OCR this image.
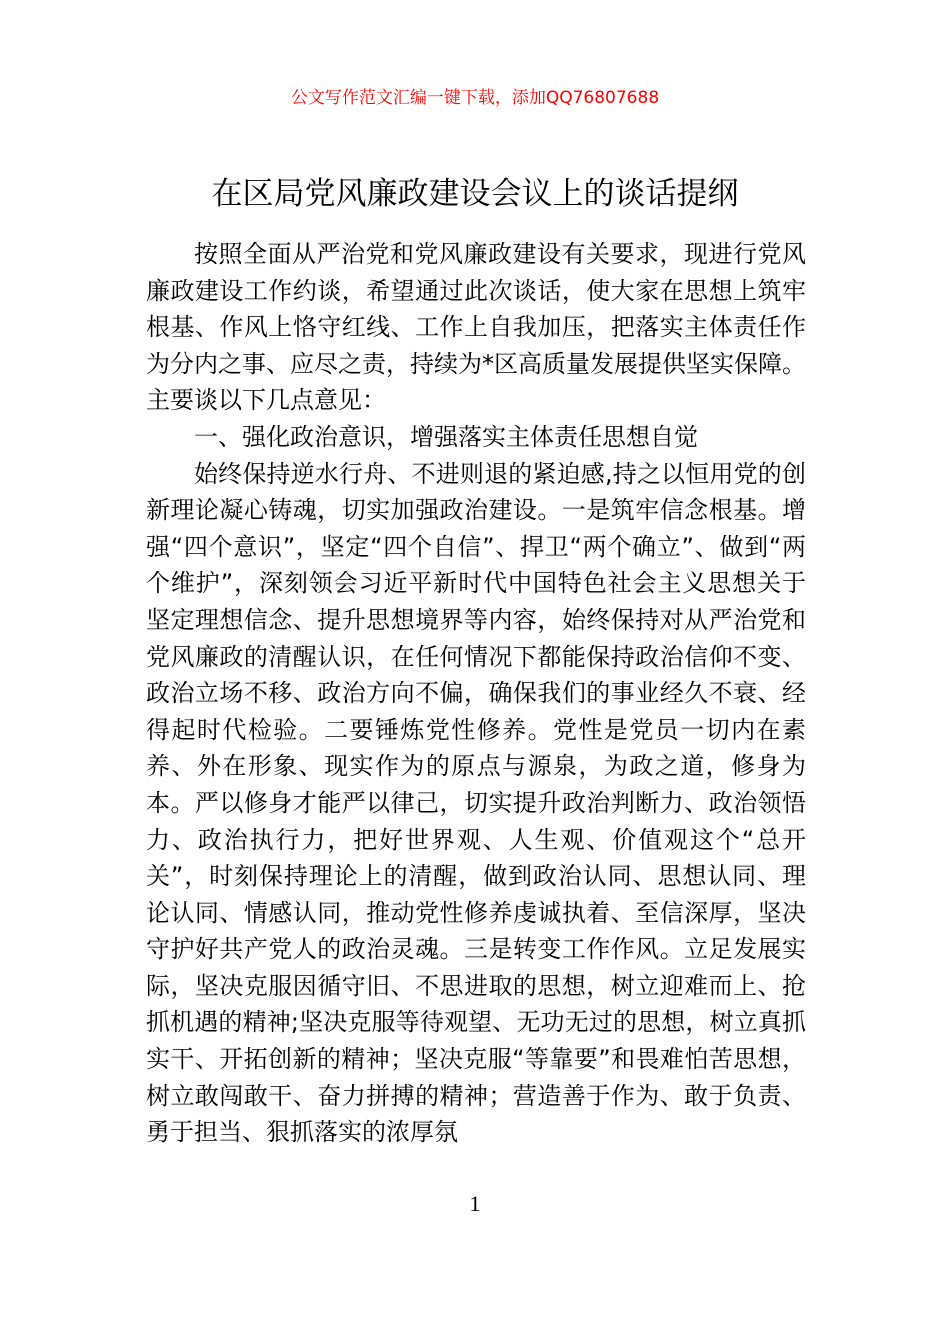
公文写作范文汇编一键下载，添加QQ76807688
在区局党风廉政建设会议上的谈话提纲

按照全面从严治党和党风廉政建设有关要求，现进行党风廉政建设工作约谈，希望通过此次谈话，使大家在思想上筑牢根基、作风上恪守红线、工作上自我加压，把落实主体责任作为分内之事、应尽之责，持续为*区高质量发展提供坚实保障。主要谈以下几点意见：

一、强化政治意识，增强落实主体责任思想自觉

始终保持逆水行舟、不进则退的紧迫感,持之以恒用党的创新理论凝心铸魂，切实加强政治建设。一是筑牢信念根基。增强“四个意识”，坚定“四个自信”、捍卫“两个确立”、做到“两个维护”，深刻领会习近平新时代中国特色社会主义思想关于坚定理想信念、提升思想境界等内容，始终保持对从严治党和党风廉政的清醒认识，在任何情况下都能保持政治信仰不变、政治立场不移、政治方向不偏，确保我们的事业经久不衰、经得起时代检验。二要锤炼党性修养。党性是党员一切内在素养、外在形象、现实作为的原点与源泉，为政之道，修身为本。严以修身才能严以律己，切实提升政治判断力、政治领悟力、政治执行力，把好世界观、人生观、价值观这个“总开关”，时刻保持理论上的清醒，做到政治认同、思想认同、理论认同、情感认同，推动党性修养虔诚执着、至信深厚，坚决守护好共产党人的政治灵魂。三是转变工作作风。立足发展实际，坚决克服因循守旧、不思进取的思想，树立迎难而上、抢抓机遇的精神;坚决克服等待观望、无功无过的思想，树立真抓实干、开拓创新的精神；坚决克服“等靠要”和畏难怕苦思想，树立敢闯敢干、奋力拼搏的精神；营造善于作为、敢于负责、勇于担当、狠抓落实的浓厚氛

1
